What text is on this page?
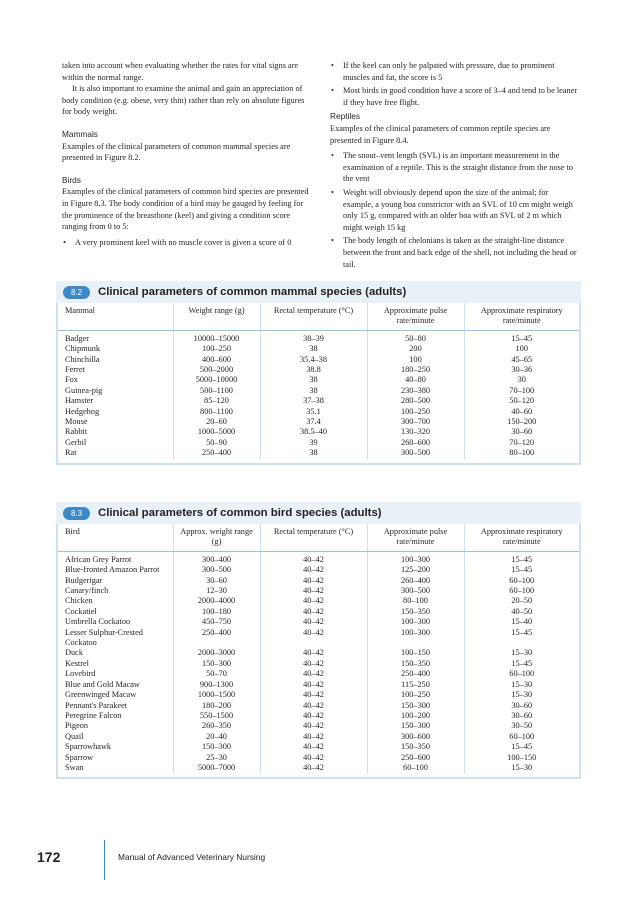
taken into account when evaluating whether the rates for vital signs are within the normal range.

It is also important to examine the animal and gain an appreciation of body condition (e.g. obese, very thin) rather than rely on absolute figures for body weight.

Mammals

Examples of the clinical parameters of common mammal species are presented in Figure 8.2.

Birds

Examples of the clinical parameters of common bird species are presented in Figure 8.3. The body condition of a bird may be gauged by feeling for the prominence of the breastbone (keel) and giving a condition score ranging from 0 to 5:

• A very prominent keel with no muscle cover is given a score of 0
• If the keel can only be palpated with pressure, due to prominent muscles and fat, the score is 5
• Most birds in good condition have a score of 3–4 and tend to be leaner if they have free flight.
Reptiles

Examples of the clinical parameters of common reptile species are presented in Figure 8.4.

• The snout–vent length (SVL) is an important measurement in the examination of a reptile. This is the straight distance from the nose to the vent
• Weight will obviously depend upon the size of the animal; for example, a young boa constrictor with an SVL of 10 cm might weigh only 15 g, compared with an older boa with an SVL of 2 m which might weigh 15 kg
• The body length of chelonians is taken as the straight-line distance between the front and back edge of the shell, not including the head or tail.
8.2	Clinical parameters of common mammal species (adults)
Mammal	Weight range (g)	Rectal temperature (°C)	Approximate pulse rate/minute	Approximate respiratory rate/minute
Badger	10000–15000	38–39	50–80	15–45
Chipmunk	100–250	38	200	100
Chinchilla	400–600	35.4–38	100	45–65
Ferret	500–2000	38.8	180–250	30–36
Fox	5000–10000	38	40–80	30
Guinea-pig	500–1100	38	230–380	70–100
Hamster	85–120	37–38	280–500	50–120
Hedgehog	800–1100	35.1	100–250	40–60
Mouse	20–60	37.4	300–700	150–200
Rabbit	1000–5000	38.5–40	130–320	30–60
Gerbil	50–90	39	260–600	70–120
Rat	250–400	38	300–500	80–100
8.3	Clinical parameters of common bird species (adults)
Bird	Approx. weight range (g)	Rectal temperature (°C)	Approximate pulse rate/minute	Approximate respiratory rate/minute
African Grey Parrot	300–400	40–42	100–300	15–45
Blue-fronted Amazon Parrot	300–500	40–42	125–200	15–45
Budgerigar	30–60	40–42	260–400	60–100
Canary/finch	12–30	40–42	300–500	60–100
Chicken	2000–4000	40–42	80–100	20–50
Cockatiel	100–180	40–42	150–350	40–50
Umbrella Cockatoo	450–750	40–42	100–300	15–40
Lesser Sulphur-Crested Cockatoo	250–400	40–42	100–300	15–45
Duck	2000–3000	40–42	100–150	15–30
Kestrel	150–300	40–42	150–350	15–45
Lovebird	50–70	40–42	250–400	60–100
Blue and Gold Macaw	900–1300	40–42	115–250	15–30
Greenwinged Macaw	1000–1500	40–42	100–250	15–30
Pennant's Parakeet	180–200	40–42	150–300	30–60
Peregrine Falcon	550–1500	40–42	100–200	30–60
Pigeon	260–350	40–42	150–300	30–50
Quail	20–40	40–42	300–600	60–100
Sparrowhawk	150–300	40–42	150–350	15–45
Sparrow	25–30	40–42	250–600	100–150
Swan	5000–7000	40–42	60–100	15–30
172	Manual of Advanced Veterinary Nursing
